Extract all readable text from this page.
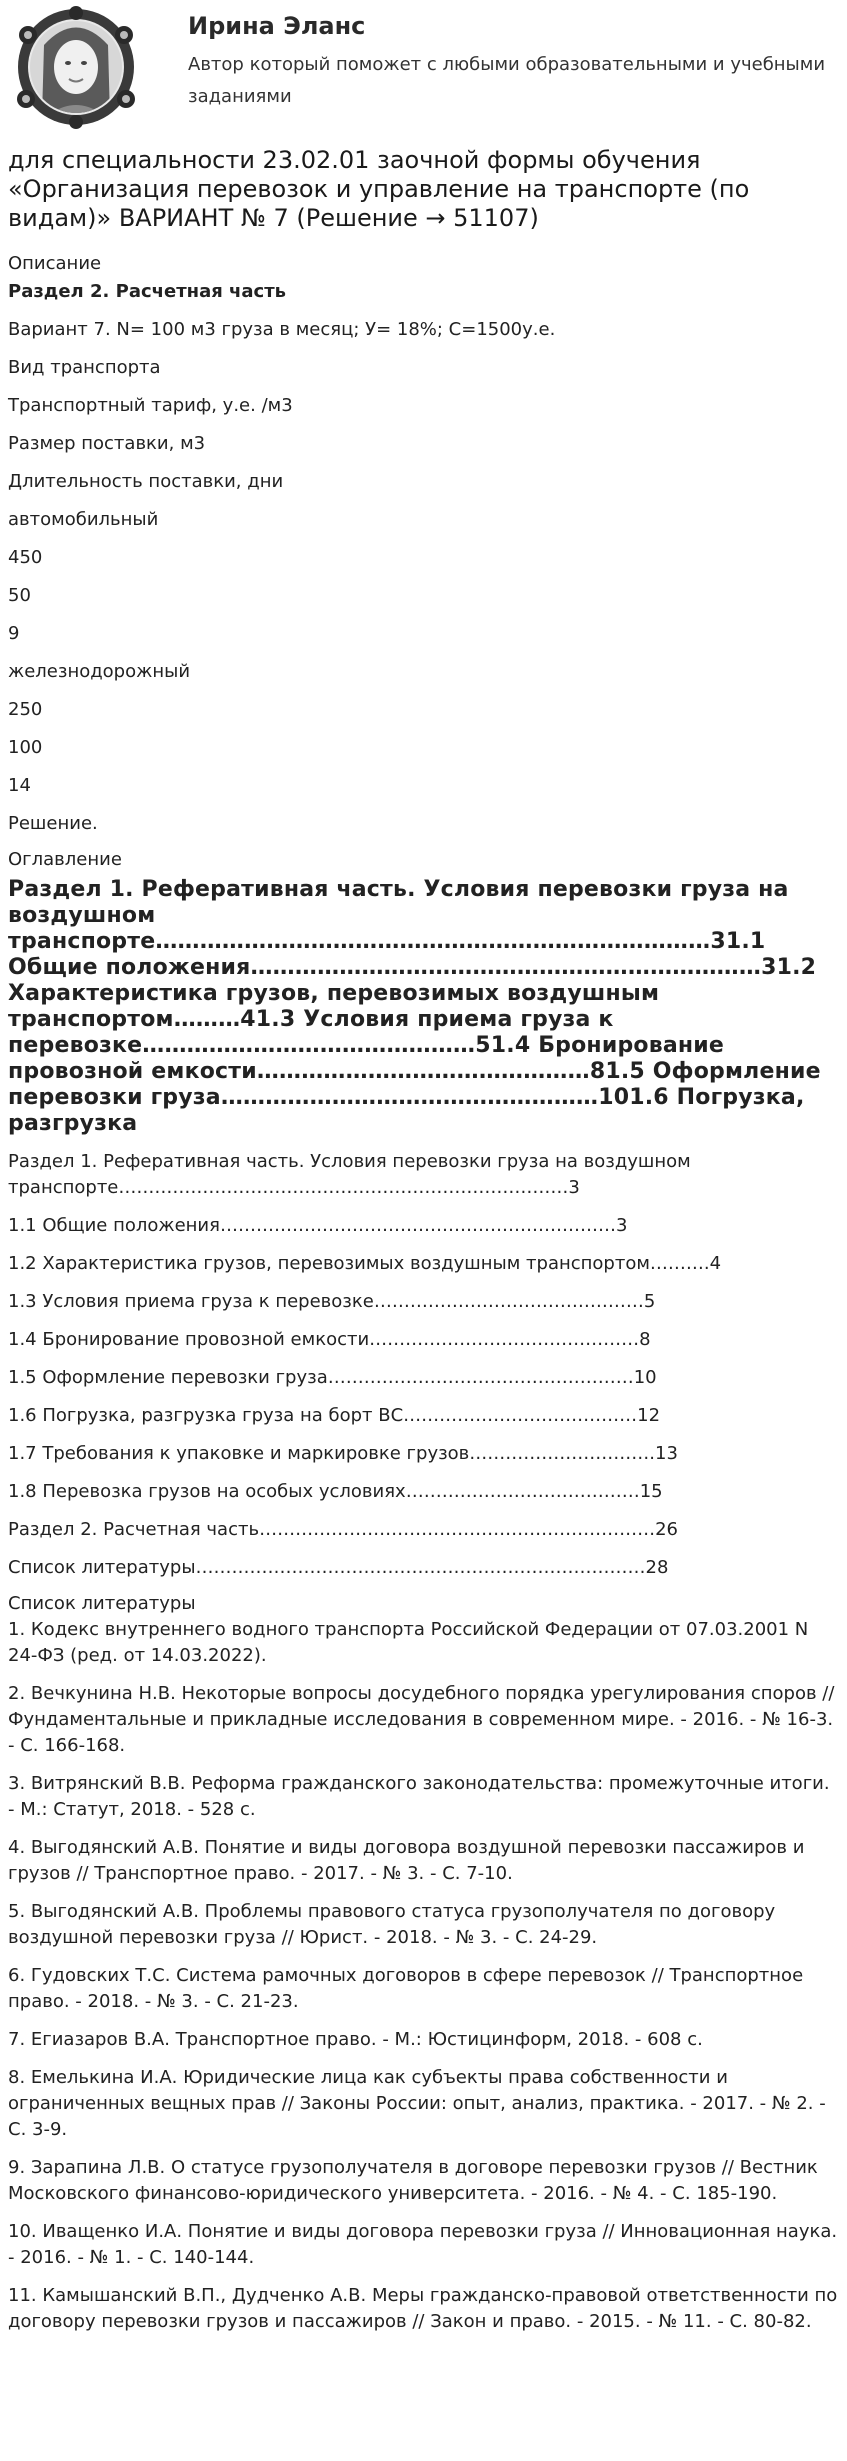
Ирина Эланс
Автор который поможет с любыми образовательными и учебными заданиями
для специальности 23.02.01 заочной формы обучения «Организация перевозок и управление на транспорте (по видам)» ВАРИАНТ № 7 (Решение → 51107)
Описание
Раздел 2. Расчетная часть

Вариант 7. N= 100 м3 груза в месяц; У= 18%; С=1500у.е.

Вид транспорта

Транспортный тариф, у.е. /м3

Размер поставки, м3

Длительность поставки, дни

автомобильный

450

50

9

железнодорожный

250

100

14

Решение.

Оглавление
Раздел 1. Реферативная часть. Условия перевозки груза на воздушном
транспорте…………………………………………………………………31.1
Общие положения……………………………………………………………31.2
Характеристика грузов, перевозимых воздушным
транспортом………41.3 Условия приема груза к
перевозке………………………………………51.4 Бронирование
провозной емкости………………………………………81.5 Оформление
перевозки груза……………………………………………101.6 Погрузка,
разгрузка

Раздел 1. Реферативная часть. Условия перевозки груза на воздушном транспорте…………………………………………………………………3

1.1 Общие положения…………………………………………………………3

1.2 Характеристика грузов, перевозимых воздушным транспортом……….4

1.3 Условия приема груза к перевозке………………………………………5

1.4 Бронирование провозной емкости………………………………………8

1.5 Оформление перевозки груза……………………………………………10

1.6 Погрузка, разгрузка груза на борт ВС…………………………………12

1.7 Требования к упаковке и маркировке грузов………………………….13

1.8 Перевозка грузов на особых условиях…………………………………15

Раздел 2. Расчетная часть…………………………………………………………26

Список литературы…………………………………………………………………28

Список литературы

1. Кодекс внутреннего водного транспорта Российской Федерации от 07.03.2001 N 24-ФЗ (ред. от 14.03.2022).

2. Вечкунина Н.В. Некоторые вопросы досудебного порядка урегулирования споров // Фундаментальные и прикладные исследования в современном мире. - 2016. - № 16-3. - С. 166-168.

3. Витрянский В.В. Реформа гражданского законодательства: промежуточные итоги. - М.: Статут, 2018. - 528 с.

4. Выгодянский А.В. Понятие и виды договора воздушной перевозки пассажиров и грузов // Транспортное право. - 2017. - № 3. - С. 7-10.

5. Выгодянский А.В. Проблемы правового статуса грузополучателя по договору воздушной перевозки груза // Юрист. - 2018. - № 3. - С. 24-29.

6. Гудовских Т.С. Система рамочных договоров в сфере перевозок // Транспортное право. - 2018. - № 3. - С. 21-23.

7. Егиазаров В.А. Транспортное право. - М.: Юстицинформ, 2018. - 608 с.

8. Емелькина И.А. Юридические лица как субъекты права собственности и ограниченных вещных прав // Законы России: опыт, анализ, практика. - 2017. - № 2. - С. 3-9.

9. Зарапина Л.В. О статусе грузополучателя в договоре перевозки грузов // Вестник Московского финансово-юридического университета. - 2016. - № 4. - С. 185-190.

10. Иващенко И.А. Понятие и виды договора перевозки груза // Инновационная наука. - 2016. - № 1. - С. 140-144.

11. Камышанский В.П., Дудченко А.В. Меры гражданско-правовой ответственности по договору перевозки грузов и пассажиров // Закон и право. - 2015. - № 11. - С. 80-82.
